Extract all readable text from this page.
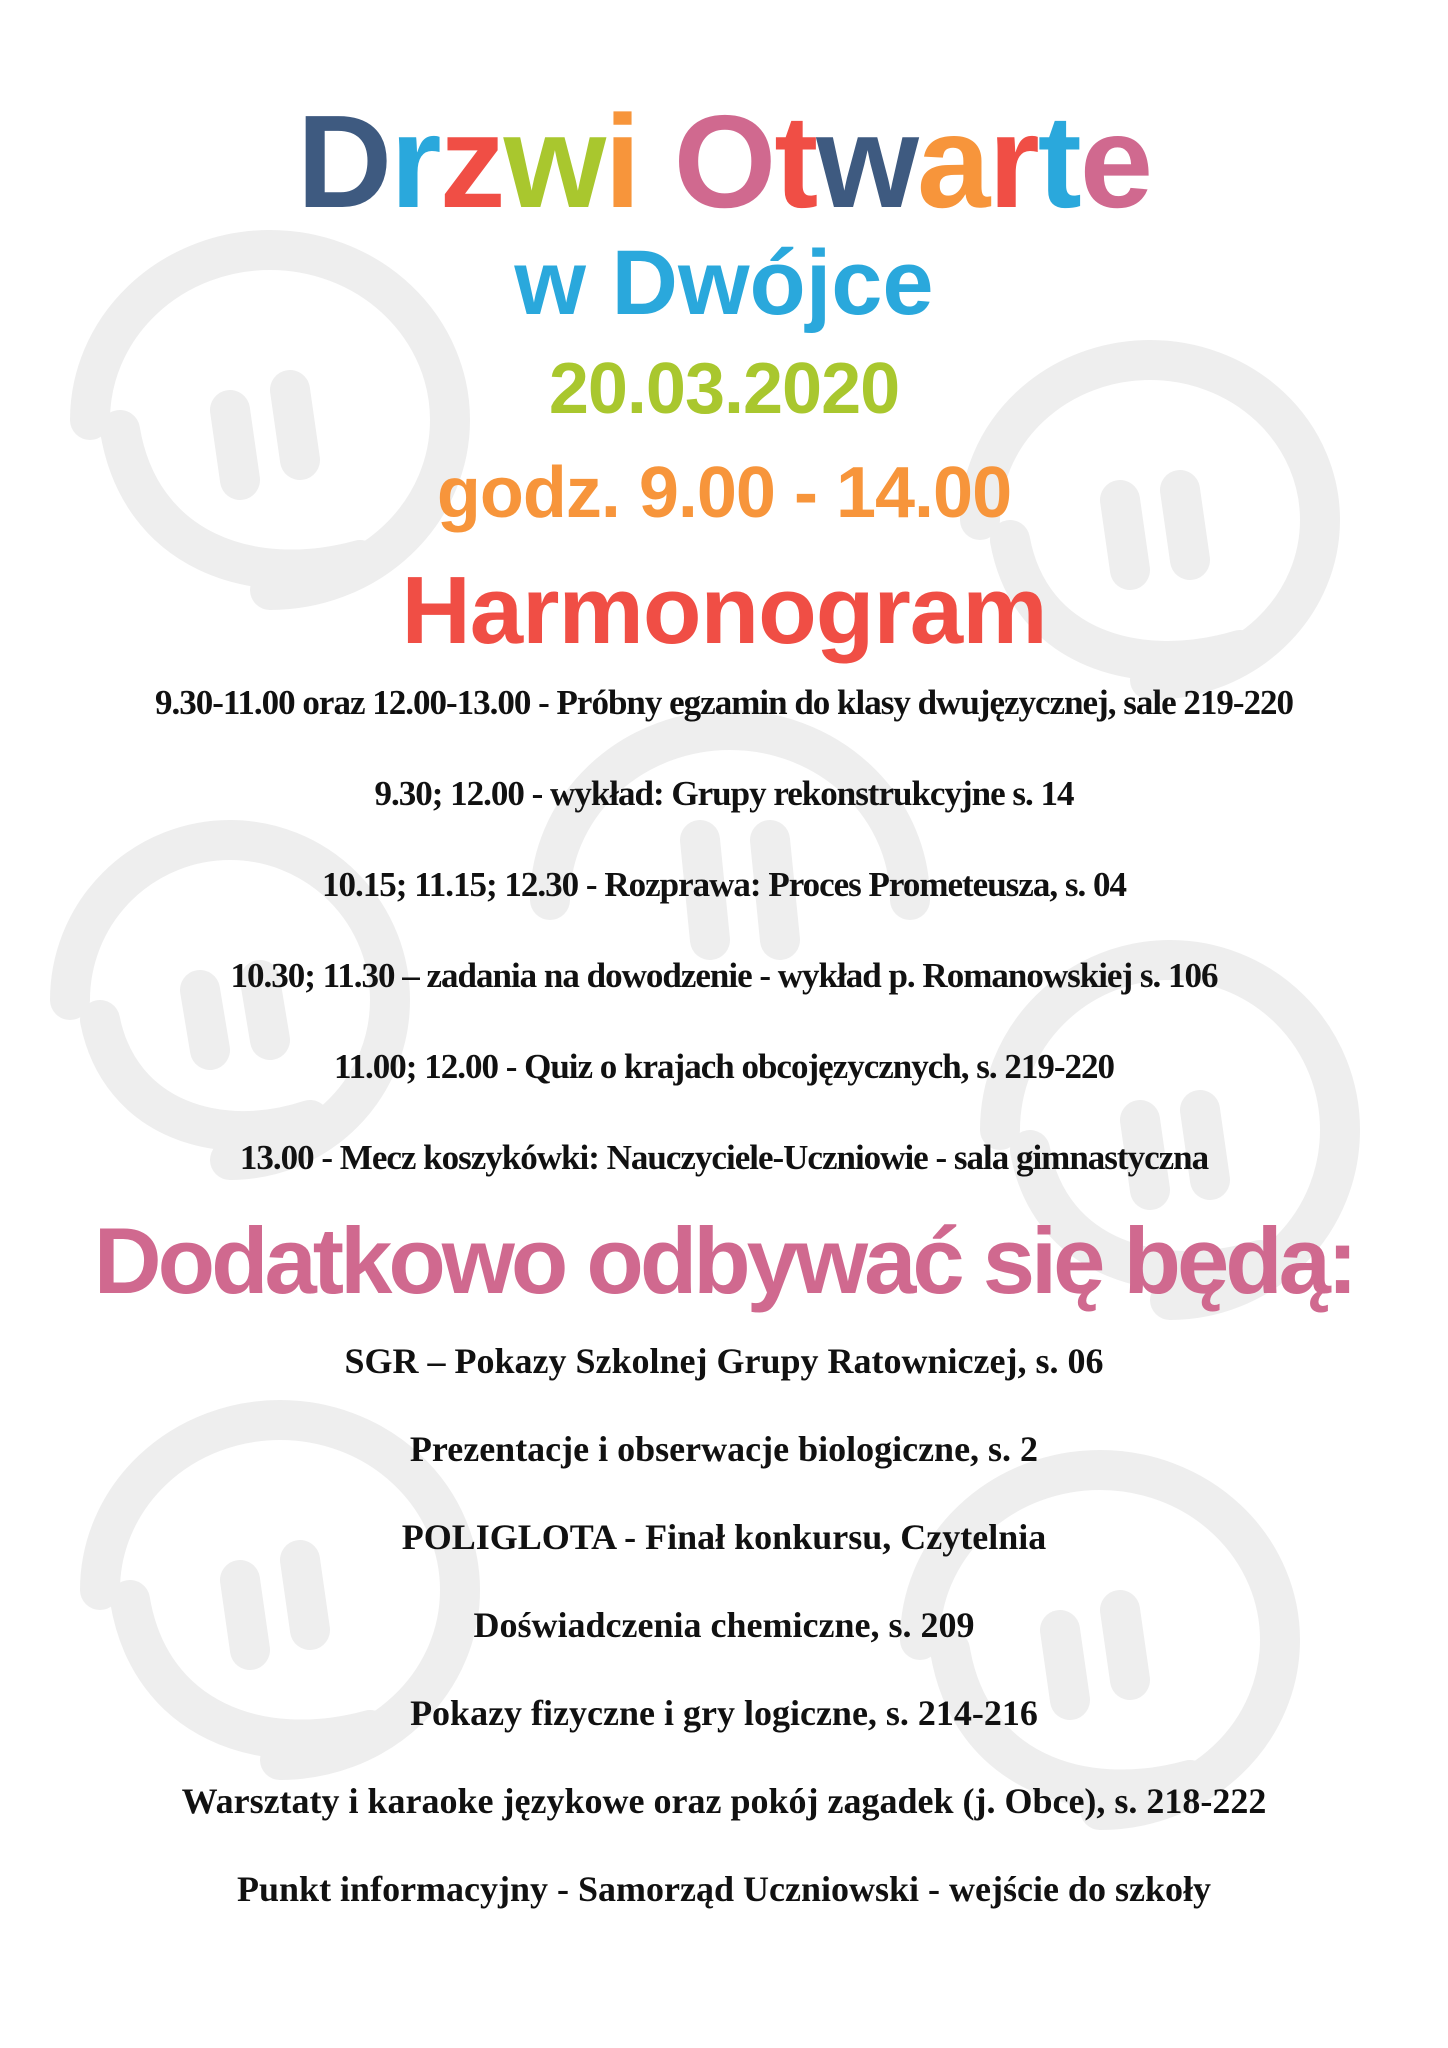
Drzwi Otwarte
w Dwójce
20.03.2020
godz. 9.00 - 14.00
Harmonogram
9.30-11.00 oraz 12.00-13.00 - Próbny egzamin do klasy dwujęzycznej, sale 219-220
9.30; 12.00 - wykład: Grupy rekonstrukcyjne s. 14
10.15; 11.15; 12.30 - Rozprawa: Proces Prometeusza, s. 04
10.30; 11.30 – zadania na dowodzenie - wykład p. Romanowskiej s. 106
11.00; 12.00 - Quiz o krajach obcojęzycznych, s. 219-220
13.00 - Mecz koszykówki: Nauczyciele-Uczniowie - sala gimnastyczna
Dodatkowo odbywać się będą:
SGR – Pokazy Szkolnej Grupy Ratowniczej, s. 06
Prezentacje i obserwacje biologiczne, s. 2
POLIGLOTA - Finał konkursu, Czytelnia
Doświadczenia chemiczne, s. 209
Pokazy fizyczne i gry logiczne, s. 214-216
Warsztaty i karaoke językowe oraz pokój zagadek (j. Obce), s. 218-222
Punkt informacyjny - Samorząd Uczniowski - wejście do szkoły
